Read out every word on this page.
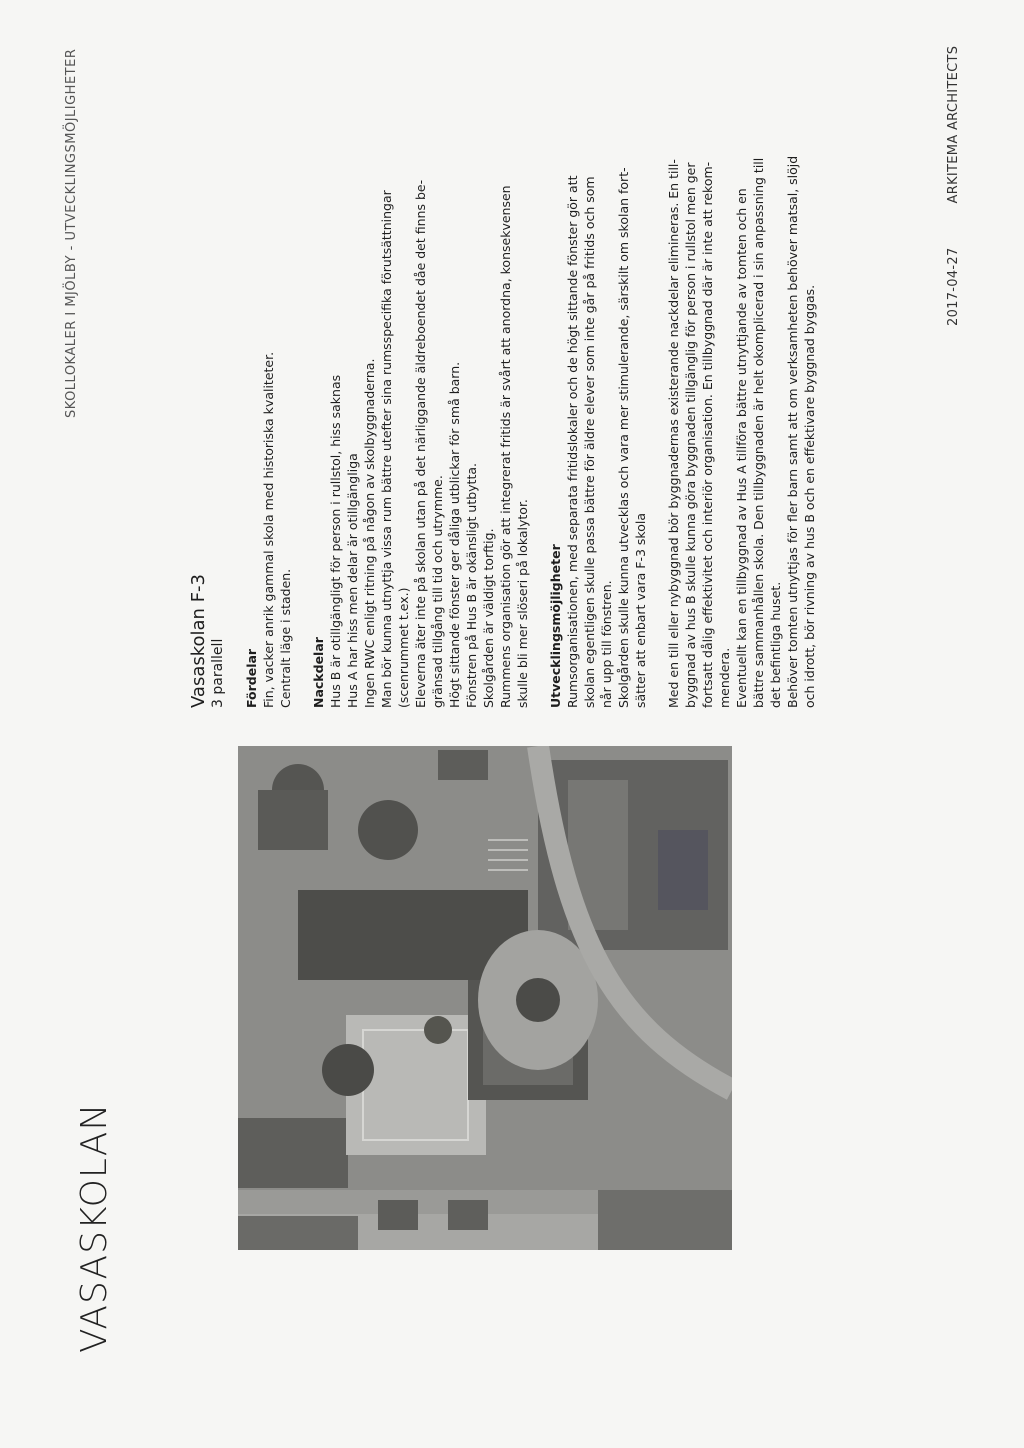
VASASKOLAN
SKOLLOKALER I MJÖLBY - UTVECKLINGSMÖJLIGHETER
Vasaskolan F-3 3 parallell Fördelar Fin, vacker anrik gammal skola med historiska kvaliteter. Centralt läge i staden. Nackdelar Hus B är otillgängligt för person i rullstol, hiss saknas Hus A har hiss men delar är otillgängliga Ingen RWC enligt ritning på någon av skolbyggnaderna. Man bör kunna utnyttja vissa rum bättre utefter sina rumsspecifika förutsättningar (scenrummet t.ex.) Eleverna äter inte på skolan utan på det närliggande äldreboendet dåe det finns be- gränsad tillgång till tid och utrymme. Högt sittande fönster ger dåliga utblickar för små barn. Fönstren på Hus B är okänsligt utbytta. Skolgården är väldigt torftig. Rummens organisation gör att integrerat fritids är svårt att anordna, konsekvensen skulle bli mer slöseri på lokalytor. Utvecklingsmöjligheter Rumsorganisationen, med separata fritidslokaler och de högt sittande fönster gör att skolan egentligen skulle passa bättre för äldre elever som inte går på fritids och som når upp till fönstren. Skolgården skulle kunna utvecklas och vara mer stimulerande, särskilt om skolan fort- sätter att enbart vara F-3 skola Med en till eller nybyggnad bör byggnadernas existerande nackdelar elimineras. En till- byggnad av hus B skulle kunna göra byggnaden tillgänglig för person i rullstol men ger fortsatt dålig effektivitet och interiör organisation. En tillbyggnad där är inte att rekom- mendera. Eventuellt kan en tillbyggnad av Hus A tillföra bättre utnyttjande av tomten och en bättre sammanhållen skola. Den tillbyggnaden är helt okomplicerad i sin anpassning till det befintliga huset. Behöver tomten utnyttjas för fler barn samt att om verksamheten behöver matsal, slöjd och idrott, bör rivning av hus B och en effektivare byggnad byggas.	2017-04-27ARKITEMA ARCHITECTS
